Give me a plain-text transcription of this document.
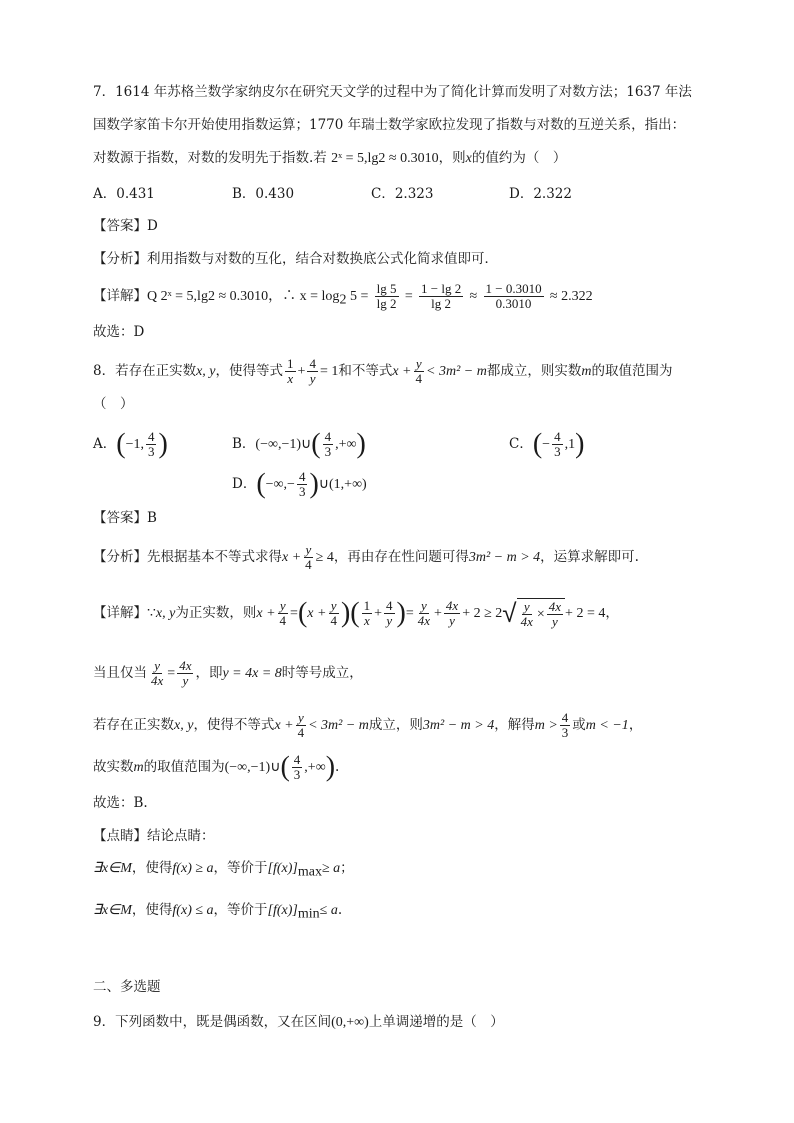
7．1614 年苏格兰数学家纳皮尔在研究天文学的过程中为了简化计算而发明了对数方法；1637 年法
国数学家笛卡尔开始使用指数运算；1770 年瑞士数学家欧拉发现了指数与对数的互逆关系，指出：
对数源于指数，对数的发明先于指数.若 2ˣ = 5,lg2 ≈ 0.3010，则x的值约为（　）
A．0.431	B．0.430	C．2.323	D．2.322
【答案】D
【分析】利用指数与对数的互化，结合对数换底公式化简求值即可．
【详解】Q 2ˣ = 5,lg2 ≈ 0.3010，∴ $x = \log_2 5 = \frac{\lg 5}{\lg 2} = \frac{1 - \lg 2}{\lg 2} \approx \frac{1 - 0.3010}{0.3010} \approx 2.322$
故选：D
8．若存在正实数x, y，使得等式 $\frac{1}{x} + \frac{4}{y} = 1$和不等式$x + \frac{y}{4} < 3m^2 - m$都成立，则实数m的取值范围为
（　）
A．(−1, $\frac{4}{3}$ )	B．(−∞,−1)∪( $\frac{4}{3}$ ,+∞)	C．(− $\frac{4}{3} ,1$)
D．(−∞,− $\frac{4}{3}$ )∪(1,+∞)
【答案】B
【分析】先根据基本不等式求得$x + \frac{y}{4} \ge 4$，再由存在性问题可得3m² − m > 4，运算求解即可.
【详解】∵x, y为正实数，则$x + \frac{y}{4} =(x + \frac{y}{4}$ )( $\frac{1}{x} + \frac{4}{y}$ )= $\frac{y}{4x} + \frac{4x}{y} + 2 \ge 2$ √ $\frac{y}{4x} \times \frac{4x}{y} + 2 = 4$，
当且仅当 $\frac{y}{4x} = \frac{4x}{y}$ ，即y = 4x = 8时等号成立，
若存在正实数x, y，使得不等式$x + \frac{y}{4} < 3m^2 - m$成立，则3m² − m > 4，解得$m > \frac{4}{3}$ 或m < −1，
故实数m的取值范围为(−∞,−1)∪( $\frac{4}{3}$ ,+∞).
故选：B.
【点睛】结论点睛：
∃x∈M，使得f(x) ≥ a，等价于$[f(x)]_{max}\ge a$；
∃x∈M，使得f(x) ≤ a，等价于$[f(x)]_{min}\le a$.
二、多选题
9．下列函数中，既是偶函数，又在区间(0,+∞)上单调递增的是（　）
